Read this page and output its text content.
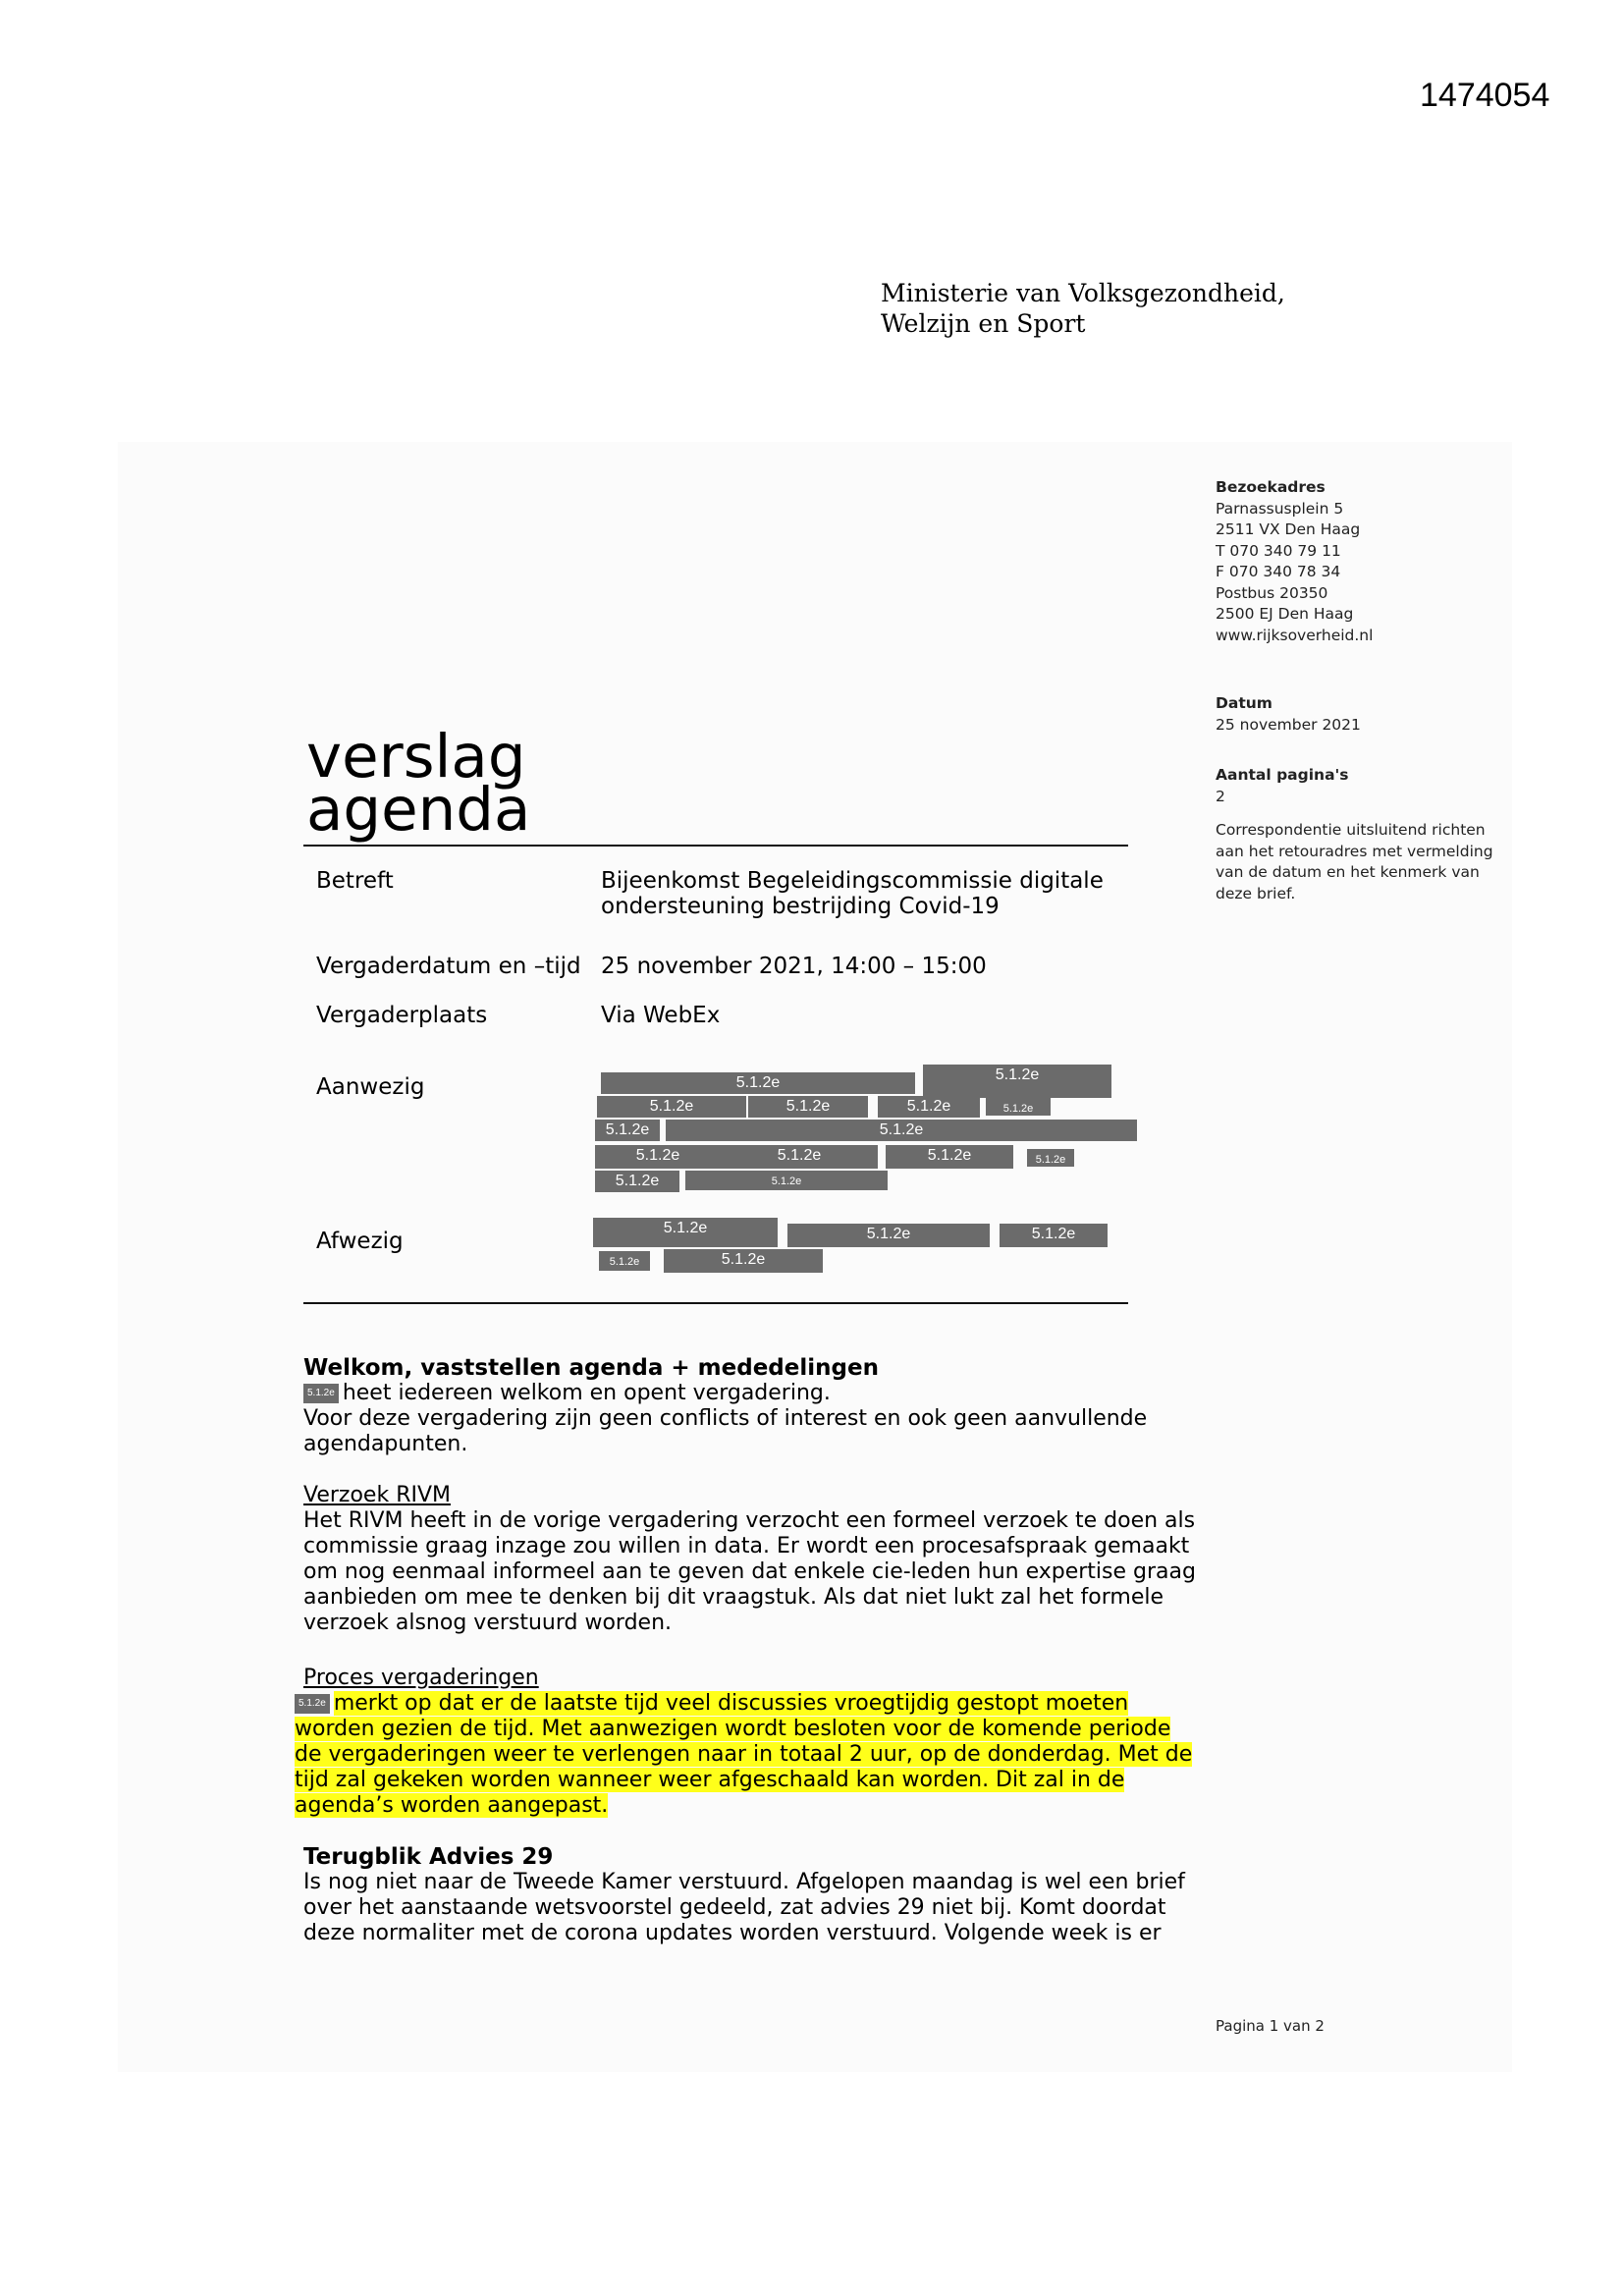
1474054
Ministerie van Volksgezondheid,
Welzijn en Sport
Bezoekadres
Parnassusplein 5
2511 VX Den Haag
T 070 340 79 11
F 070 340 78 34
Postbus 20350
2500 EJ Den Haag
www.rijksoverheid.nl
Datum
25 november 2021
Aantal pagina's
2
Correspondentie uitsluitend richten aan het retouradres met vermelding van de datum en het kenmerk van deze brief.
verslag
agenda
Betreft	Bijeenkomst Begeleidingscommissie digitale ondersteuning bestrijding Covid-19
Vergaderdatum en –tijd 25 november 2021, 14:00 – 15:00
Vergaderplaats	Via WebEx
Aanwezig	5.1.2e	5.1.2e
5.1.2e	5.1.2e	5.1.2e	5.1.2e
5.1.2e	5.1.2e
5.1.2e	5.1.2e	5.1.2e	5.1.2e
5.1.2e	5.1.2e
Afwezig
5.1.2e	5.1.2e	5.1.2e
5.1.2e	5.1.2e
Welkom, vaststellen agenda + mededelingen
5.1.2e heet iedereen welkom en opent vergadering.
Voor deze vergadering zijn geen conflicts of interest en ook geen aanvullende agendapunten.
Verzoek RIVM
Het RIVM heeft in de vorige vergadering verzocht een formeel verzoek te doen als commissie graag inzage zou willen in data. Er wordt een procesafspraak gemaakt om nog eenmaal informeel aan te geven dat enkele cie-leden hun expertise graag aanbieden om mee te denken bij dit vraagstuk. Als dat niet lukt zal het formele verzoek alsnog verstuurd worden.
Proces vergaderingen
5.1.2e merkt op dat er de laatste tijd veel discussies vroegtijdig gestopt moeten worden gezien de tijd. Met aanwezigen wordt besloten voor de komende periode de vergaderingen weer te verlengen naar in totaal 2 uur, op de donderdag. Met de tijd zal gekeken worden wanneer weer afgeschaald kan worden. Dit zal in de agenda’s worden aangepast.
Terugblik Advies 29
Is nog niet naar de Tweede Kamer verstuurd. Afgelopen maandag is wel een brief over het aanstaande wetsvoorstel gedeeld, zat advies 29 niet bij. Komt doordat deze normaliter met de corona updates worden verstuurd. Volgende week is er
Pagina 1 van 2
